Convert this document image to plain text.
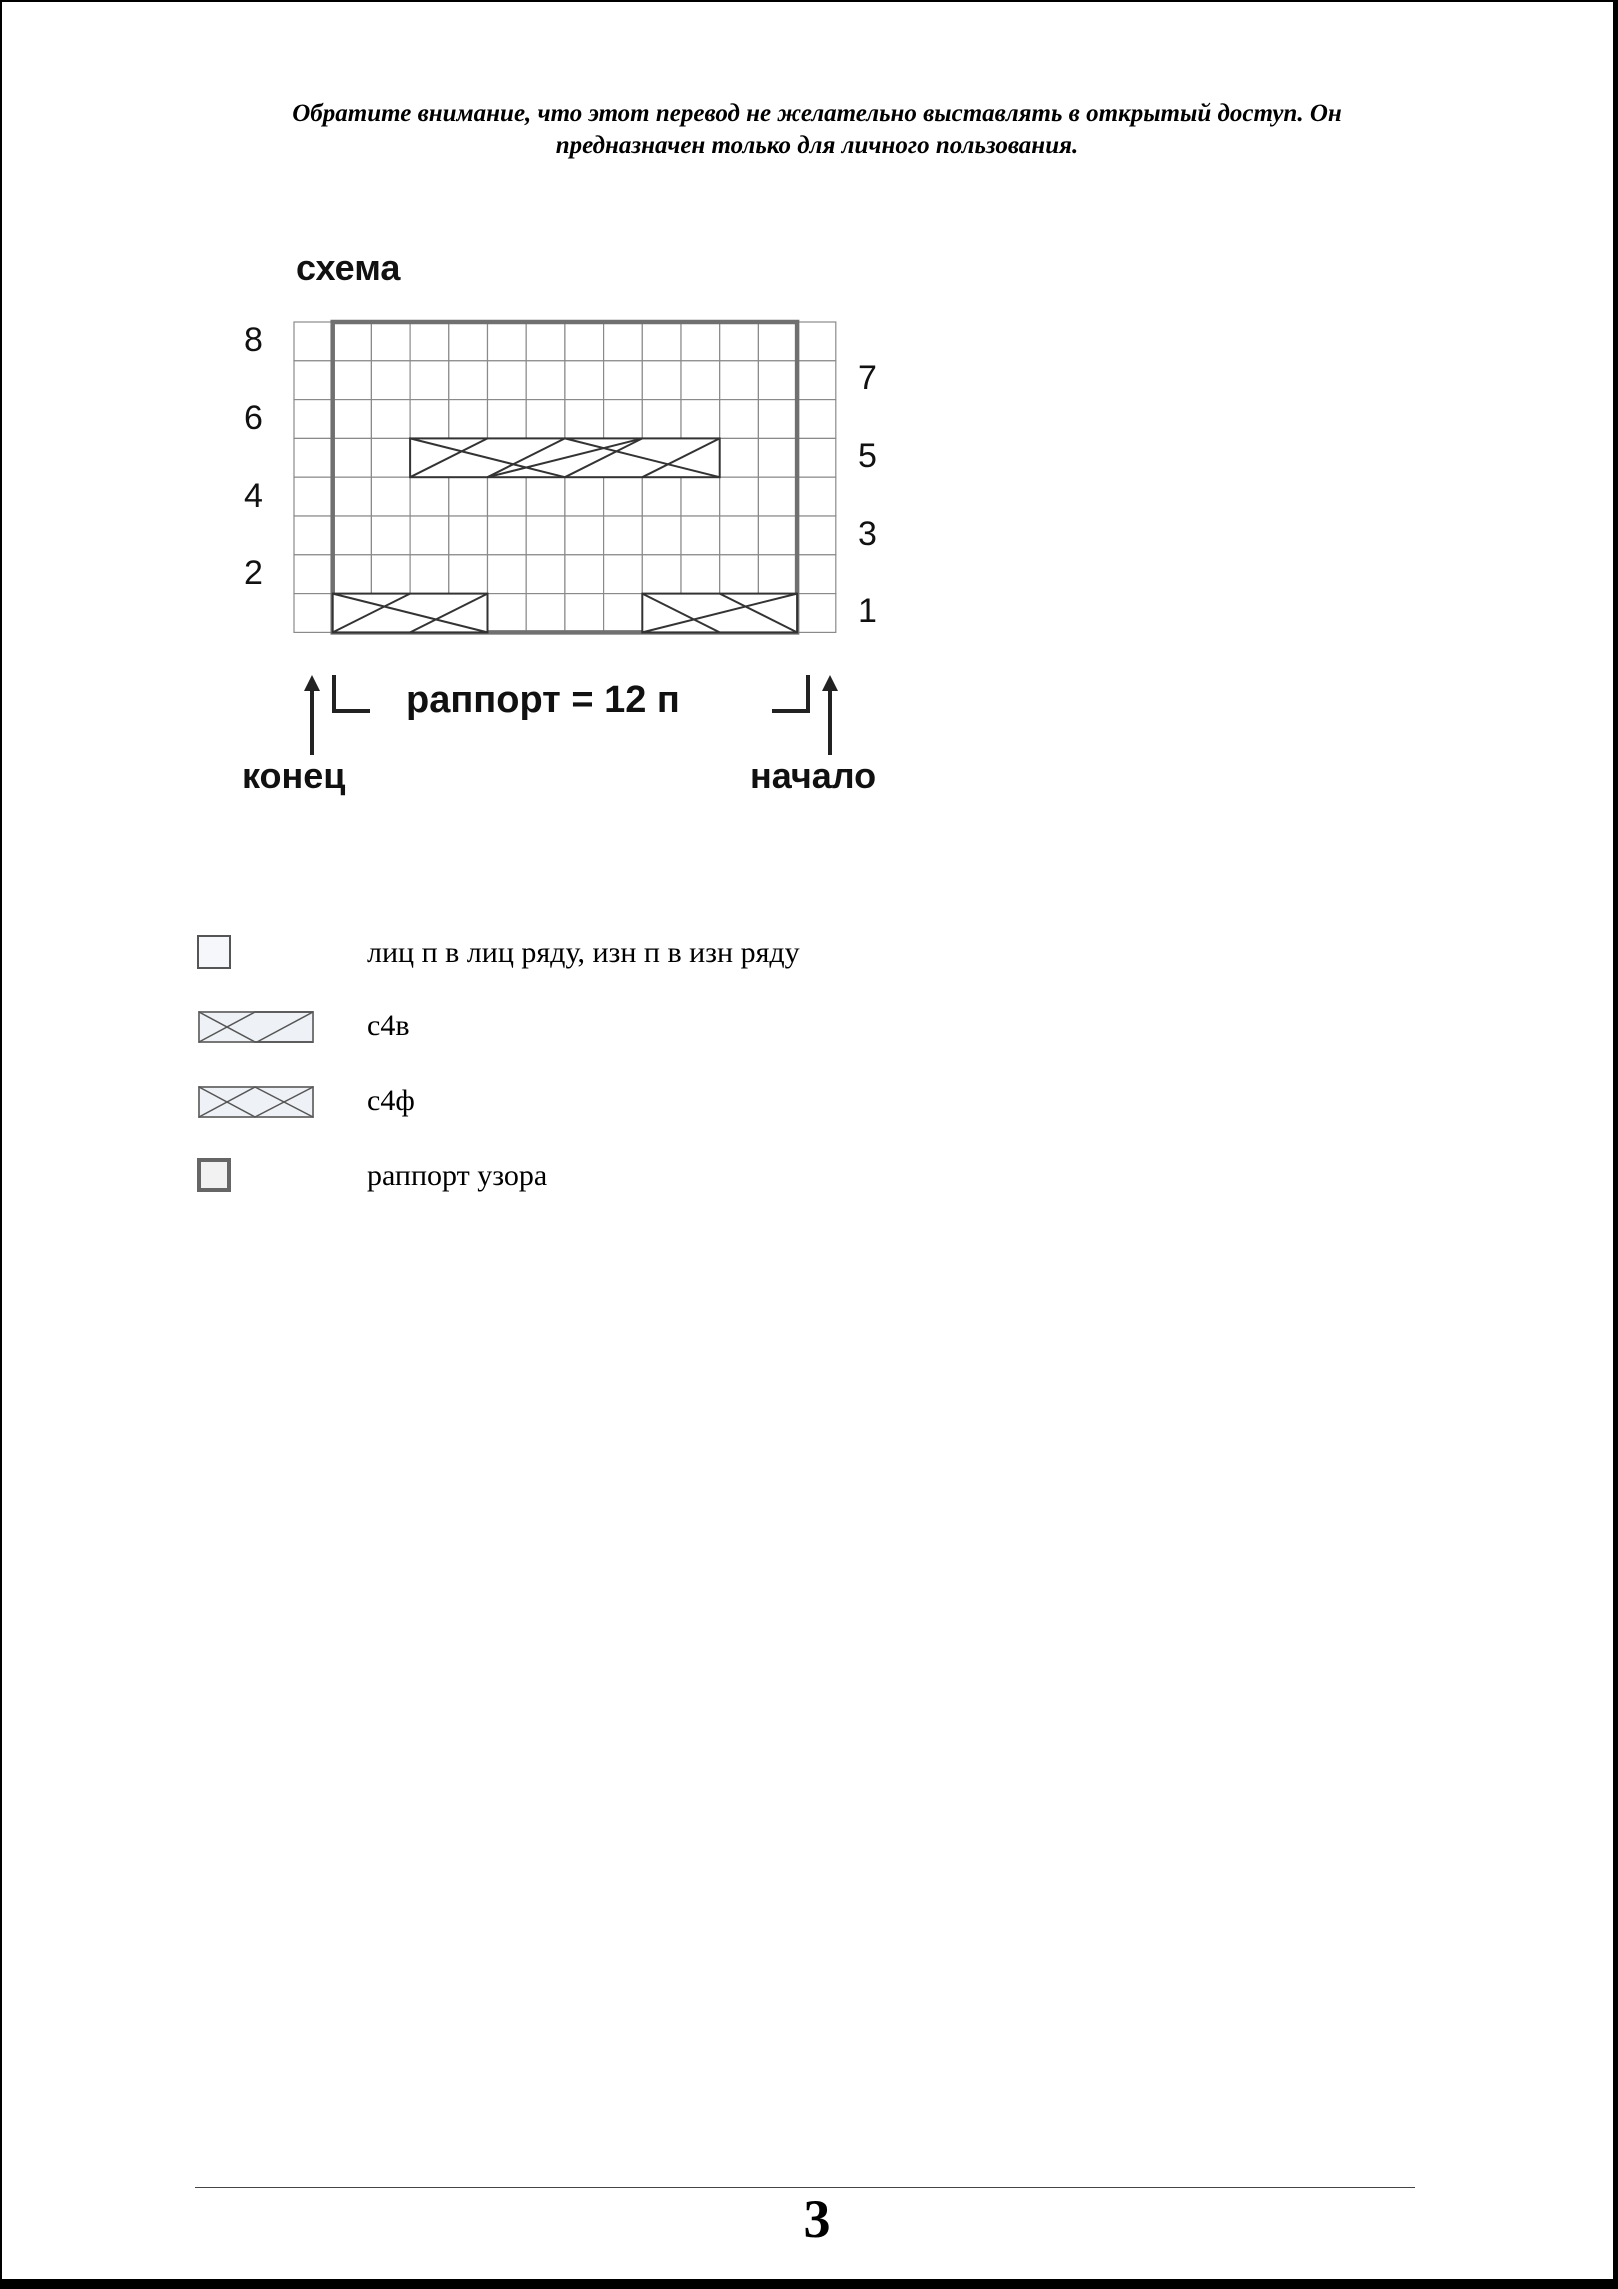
Обратите внимание, что этот перевод не желательно выставлять в открытый доступ. Он
предназначен только для личного пользования.
схема
8
6
4
2
7
5
3
1
раппорт = 12 п
конец	начало
лиц п в лиц ряду, изн п в изн ряду
с4в
с4ф
раппорт узора
3
